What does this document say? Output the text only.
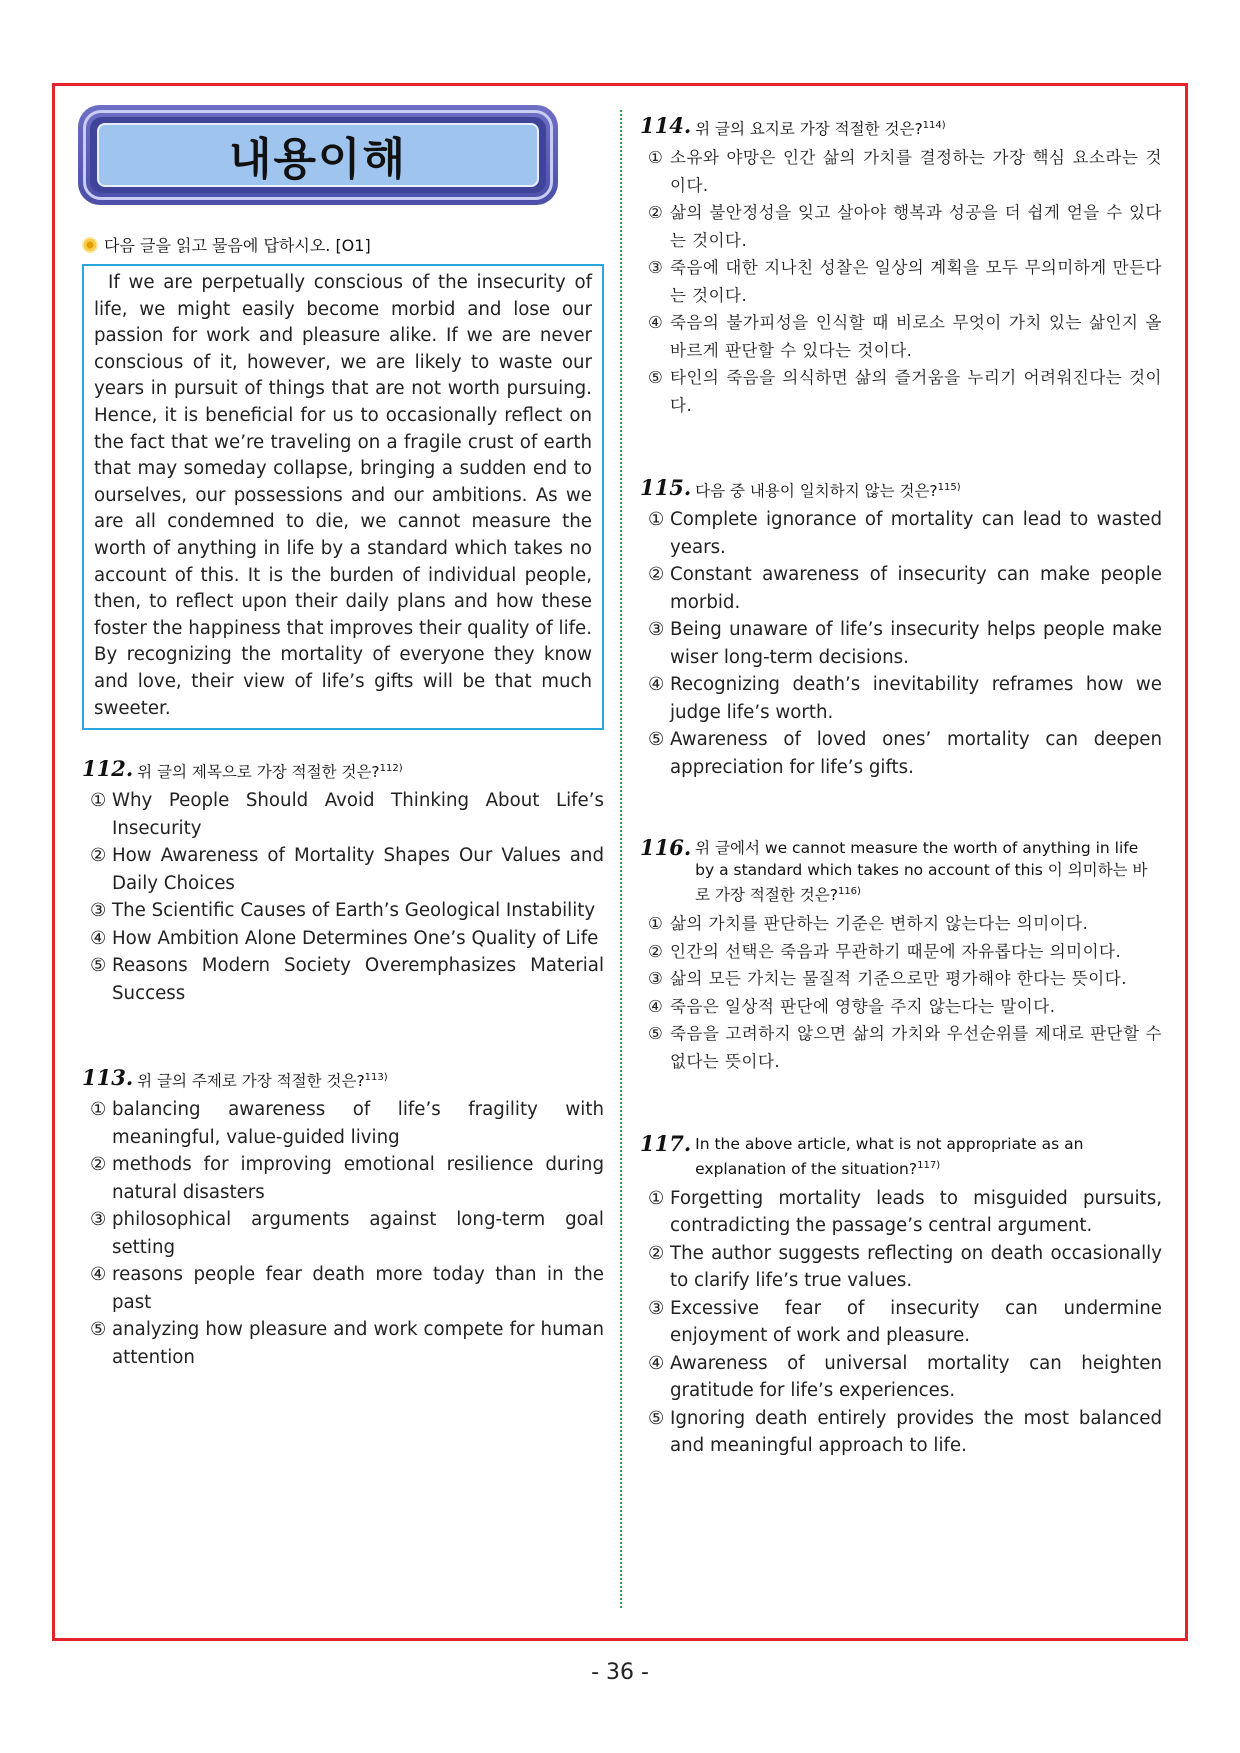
내용이해
다음 글을 읽고 물음에 답하시오. [O1]

If we are perpetually conscious of the insecurity of life, we might easily become morbid and lose our passion for work and pleasure alike. If we are never conscious of it, however, we are likely to waste our years in pursuit of things that are not worth pursuing. Hence, it is beneficial for us to occasionally reflect on the fact that we’re traveling on a fragile crust of earth that may someday collapse, bringing a sudden end to ourselves, our possessions and our ambitions. As we are all condemned to die, we cannot measure the worth of anything in life by a standard which takes no account of this. It is the burden of individual people, then, to reflect upon their daily plans and how these foster the happiness that improves their quality of life. By recognizing the mortality of everyone they know and love, their view of life’s gifts will be that much sweeter.

112. 위 글의 제목으로 가장 적절한 것은?$^{112)}$
① Why People Should Avoid Thinking About Life’s Insecurity
② How Awareness of Mortality Shapes Our Values and Daily Choices
③ The Scientific Causes of Earth’s Geological Instability
④ How Ambition Alone Determines One’s Quality of Life
⑤ Reasons Modern Society Overemphasizes Material Success
113. 위 글의 주제로 가장 적절한 것은?$^{113)}$
① balancing awareness of life’s fragility with meaningful, value-guided living
② methods for improving emotional resilience during natural disasters
③ philosophical arguments against long-term goal setting
④ reasons people fear death more today than in the past
⑤ analyzing how pleasure and work compete for human attention
114. 위 글의 요지로 가장 적절한 것은?$^{114)}$
① 소유와 야망은 인간 삶의 가치를 결정하는 가장 핵심 요소라는 것이다.
② 삶의 불안정성을 잊고 살아야 행복과 성공을 더 쉽게 얻을 수 있다는 것이다.
③ 죽음에 대한 지나친 성찰은 일상의 계획을 모두 무의미하게 만든다는 것이다.
④ 죽음의 불가피성을 인식할 때 비로소 무엇이 가치 있는 삶인지 올바르게 판단할 수 있다는 것이다.
⑤ 타인의 죽음을 의식하면 삶의 즐거움을 누리기 어려워진다는 것이다.
115. 다음 중 내용이 일치하지 않는 것은?$^{115)}$
① Complete ignorance of mortality can lead to wasted years.
② Constant awareness of insecurity can make people morbid.
③ Being unaware of life’s insecurity helps people make wiser long-term decisions.
④ Recognizing death’s inevitability reframes how we judge life’s worth.
⑤ Awareness of loved ones’ mortality can deepen appreciation for life’s gifts.
116. 위 글에서 we cannot measure the worth of anything in life by a standard which takes no account of this 이 의미하는 바로 가장 적절한 것은?$^{116)}$
① 삶의 가치를 판단하는 기준은 변하지 않는다는 의미이다.
② 인간의 선택은 죽음과 무관하기 때문에 자유롭다는 의미이다.
③ 삶의 모든 가치는 물질적 기준으로만 평가해야 한다는 뜻이다.
④ 죽음은 일상적 판단에 영향을 주지 않는다는 말이다.
⑤ 죽음을 고려하지 않으면 삶의 가치와 우선순위를 제대로 판단할 수 없다는 뜻이다.
117. In the above article, what is not appropriate as an explanation of the situation?$^{117)}$
① Forgetting mortality leads to misguided pursuits, contradicting the passage’s central argument.
② The author suggests reflecting on death occasionally to clarify life’s true values.
③ Excessive fear of insecurity can undermine enjoyment of work and pleasure.
④ Awareness of universal mortality can heighten gratitude for life’s experiences.
⑤ Ignoring death entirely provides the most balanced and meaningful approach to life.
- 36 -
